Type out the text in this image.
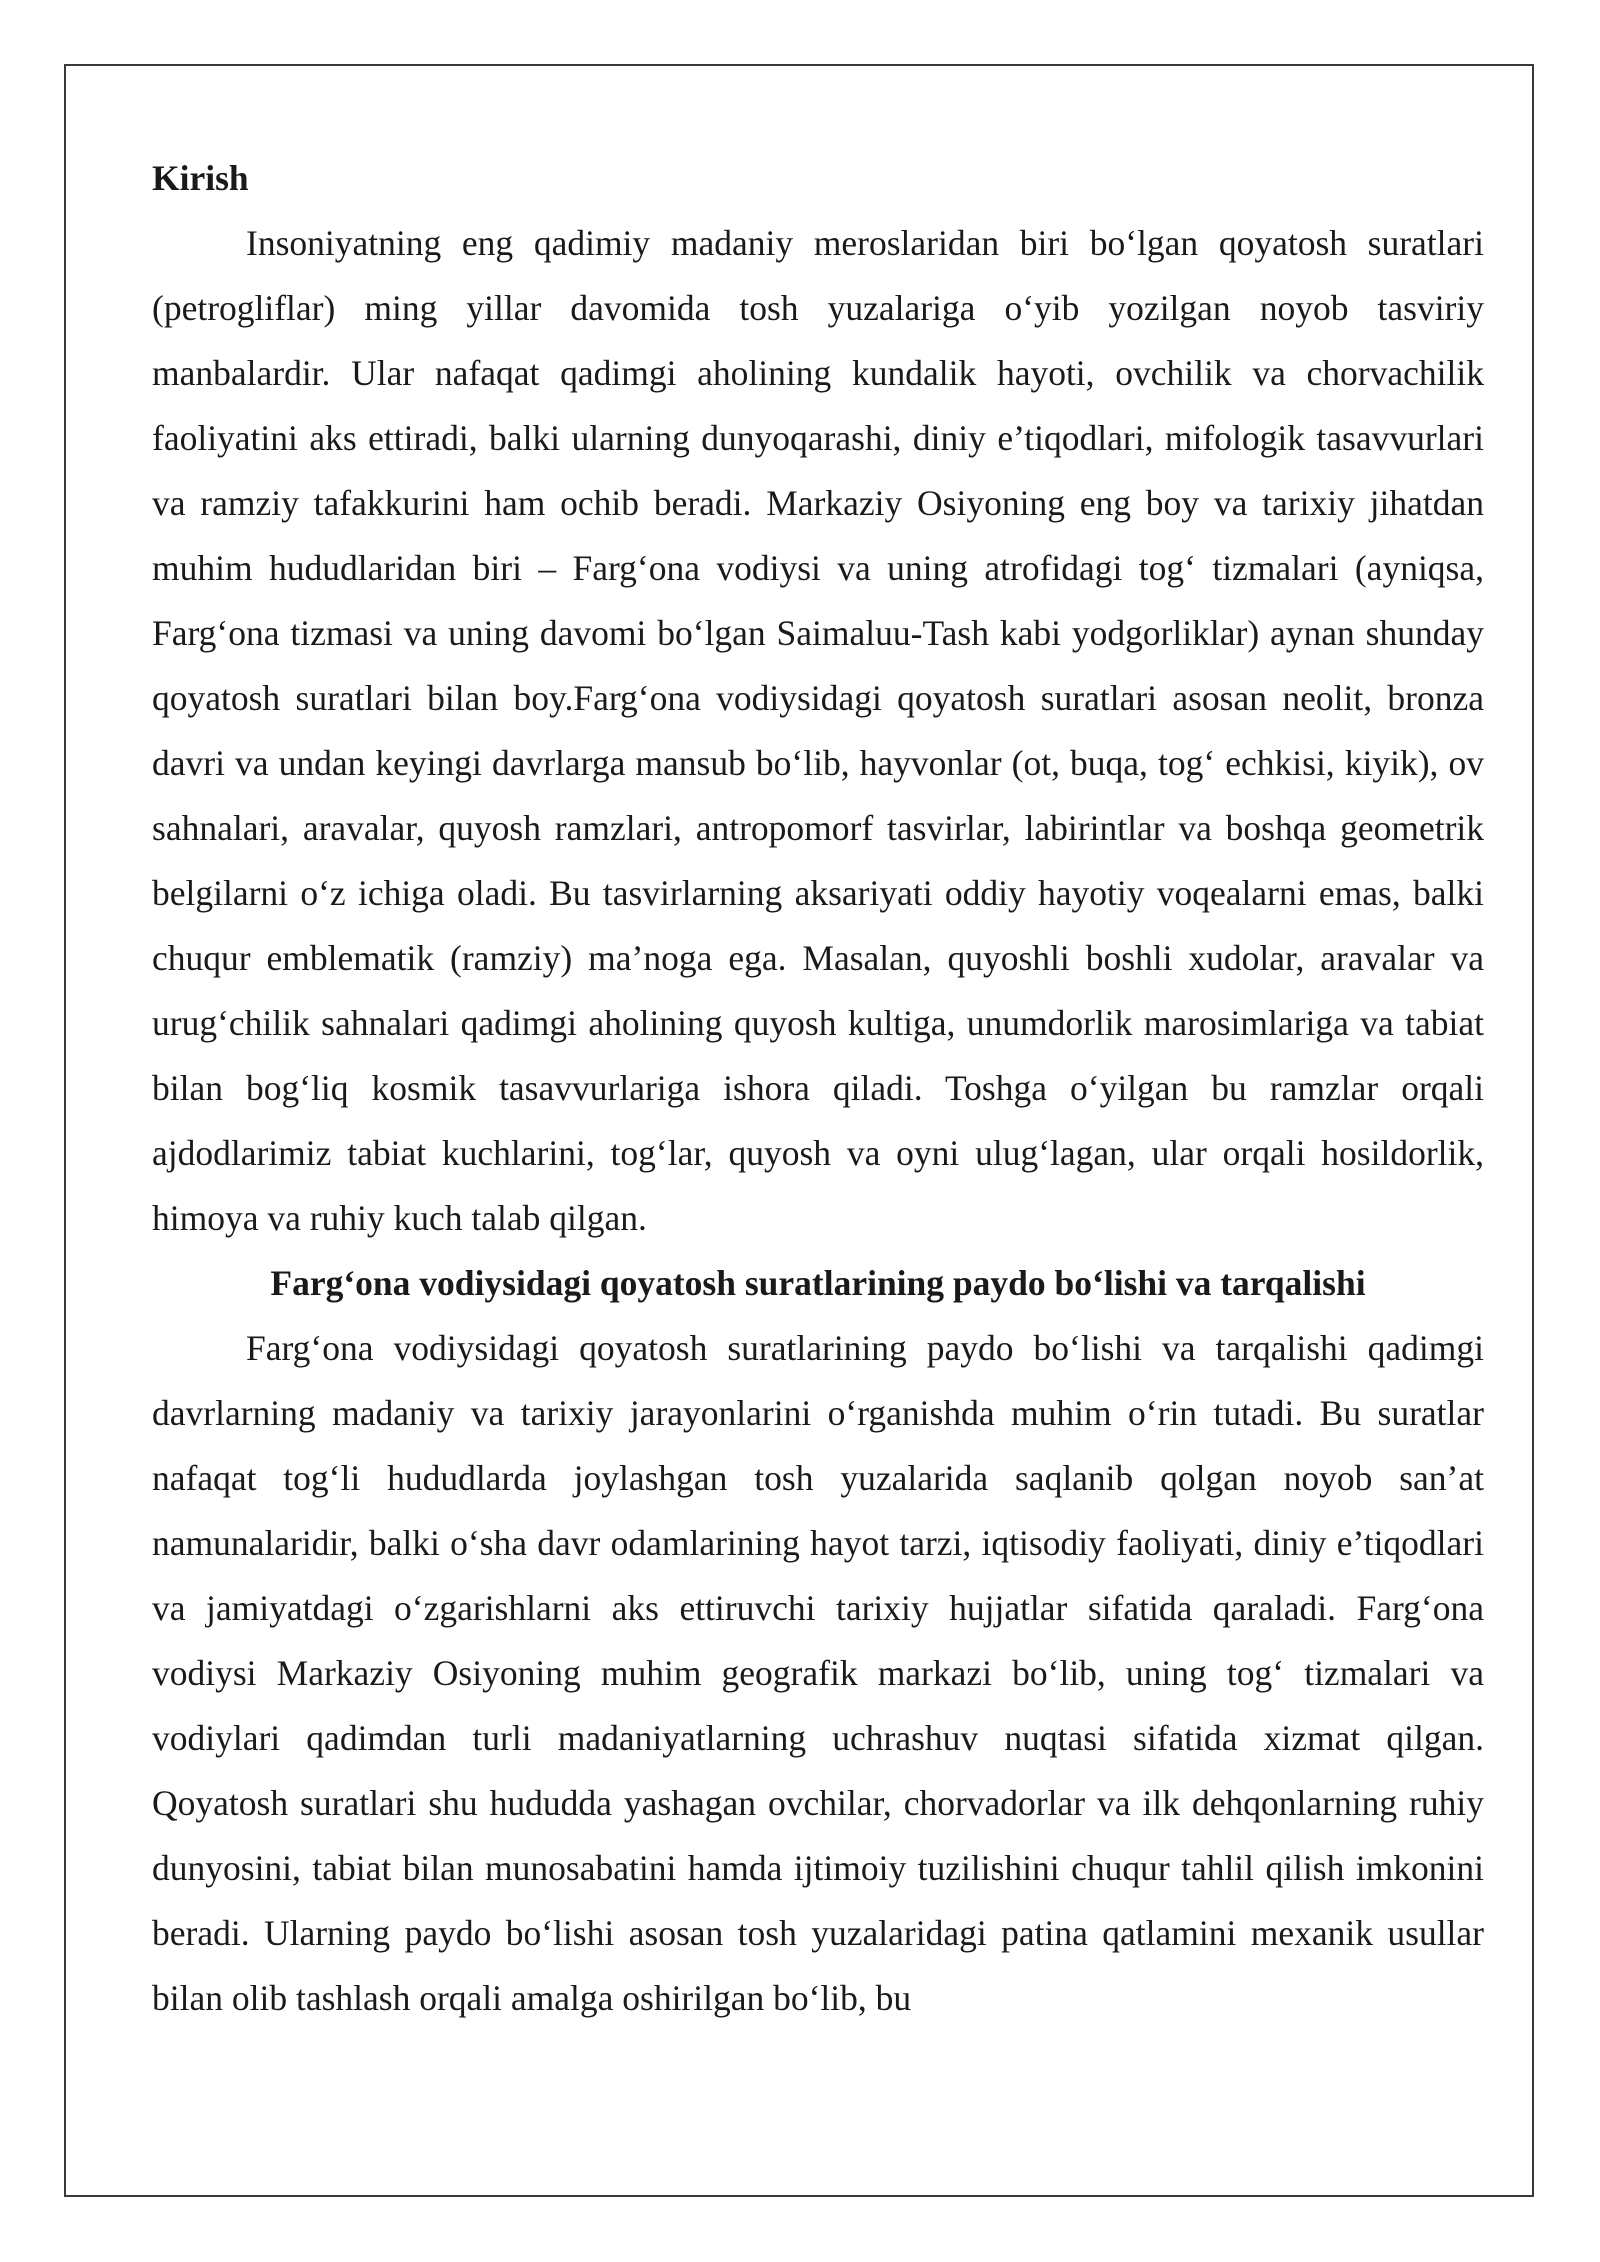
Kirish

Insoniyatning eng qadimiy madaniy meroslaridan biri bo‘lgan qoyatosh suratlari (petrogliflar) ming yillar davomida tosh yuzalariga o‘yib yozilgan noyob tasviriy manbalardir. Ular nafaqat qadimgi aholining kundalik hayoti, ovchilik va chorvachilik faoliyatini aks ettiradi, balki ularning dunyoqarashi, diniy e’tiqodlari, mifologik tasavvurlari va ramziy tafakkurini ham ochib beradi. Markaziy Osiyoning eng boy va tarixiy jihatdan muhim hududlaridan biri – Farg‘ona vodiysi va uning atrofidagi tog‘ tizmalari (ayniqsa, Farg‘ona tizmasi va uning davomi bo‘lgan Saimaluu-Tash kabi yodgorliklar) aynan shunday qoyatosh suratlari bilan boy.Farg‘ona vodiysidagi qoyatosh suratlari asosan neolit, bronza davri va undan keyingi davrlarga mansub bo‘lib, hayvonlar (ot, buqa, tog‘ echkisi, kiyik), ov sahnalari, aravalar, quyosh ramzlari, antropomorf tasvirlar, labirintlar va boshqa geometrik belgilarni o‘z ichiga oladi. Bu tasvirlarning aksariyati oddiy hayotiy voqealarni emas, balki chuqur emblematik (ramziy) ma’noga ega. Masalan, quyoshli boshli xudolar, aravalar va urug‘chilik sahnalari qadimgi aholining quyosh kultiga, unumdorlik marosimlariga va tabiat bilan bog‘liq kosmik tasavvurlariga ishora qiladi. Toshga o‘yilgan bu ramzlar orqali ajdodlarimiz tabiat kuchlarini, tog‘lar, quyosh va oyni ulug‘lagan, ular orqali hosildorlik, himoya va ruhiy kuch talab qilgan.

Farg‘ona vodiysidagi qoyatosh suratlarining paydo bo‘lishi va tarqalishi

Farg‘ona vodiysidagi qoyatosh suratlarining paydo bo‘lishi va tarqalishi qadimgi davrlarning madaniy va tarixiy jarayonlarini o‘rganishda muhim o‘rin tutadi. Bu suratlar nafaqat tog‘li hududlarda joylashgan tosh yuzalarida saqlanib qolgan noyob san’at namunalaridir, balki o‘sha davr odamlarining hayot tarzi, iqtisodiy faoliyati, diniy e’tiqodlari va jamiyatdagi o‘zgarishlarni aks ettiruvchi tarixiy hujjatlar sifatida qaraladi. Farg‘ona vodiysi Markaziy Osiyoning muhim geografik markazi bo‘lib, uning tog‘ tizmalari va vodiylari qadimdan turli madaniyatlarning uchrashuv nuqtasi sifatida xizmat qilgan. Qoyatosh suratlari shu hududda yashagan ovchilar, chorvadorlar va ilk dehqonlarning ruhiy dunyosini, tabiat bilan munosabatini hamda ijtimoiy tuzilishini chuqur tahlil qilish imkonini beradi. Ularning paydo bo‘lishi asosan tosh yuzalaridagi patina qatlamini mexanik usullar bilan olib tashlash orqali amalga oshirilgan bo‘lib, bu
